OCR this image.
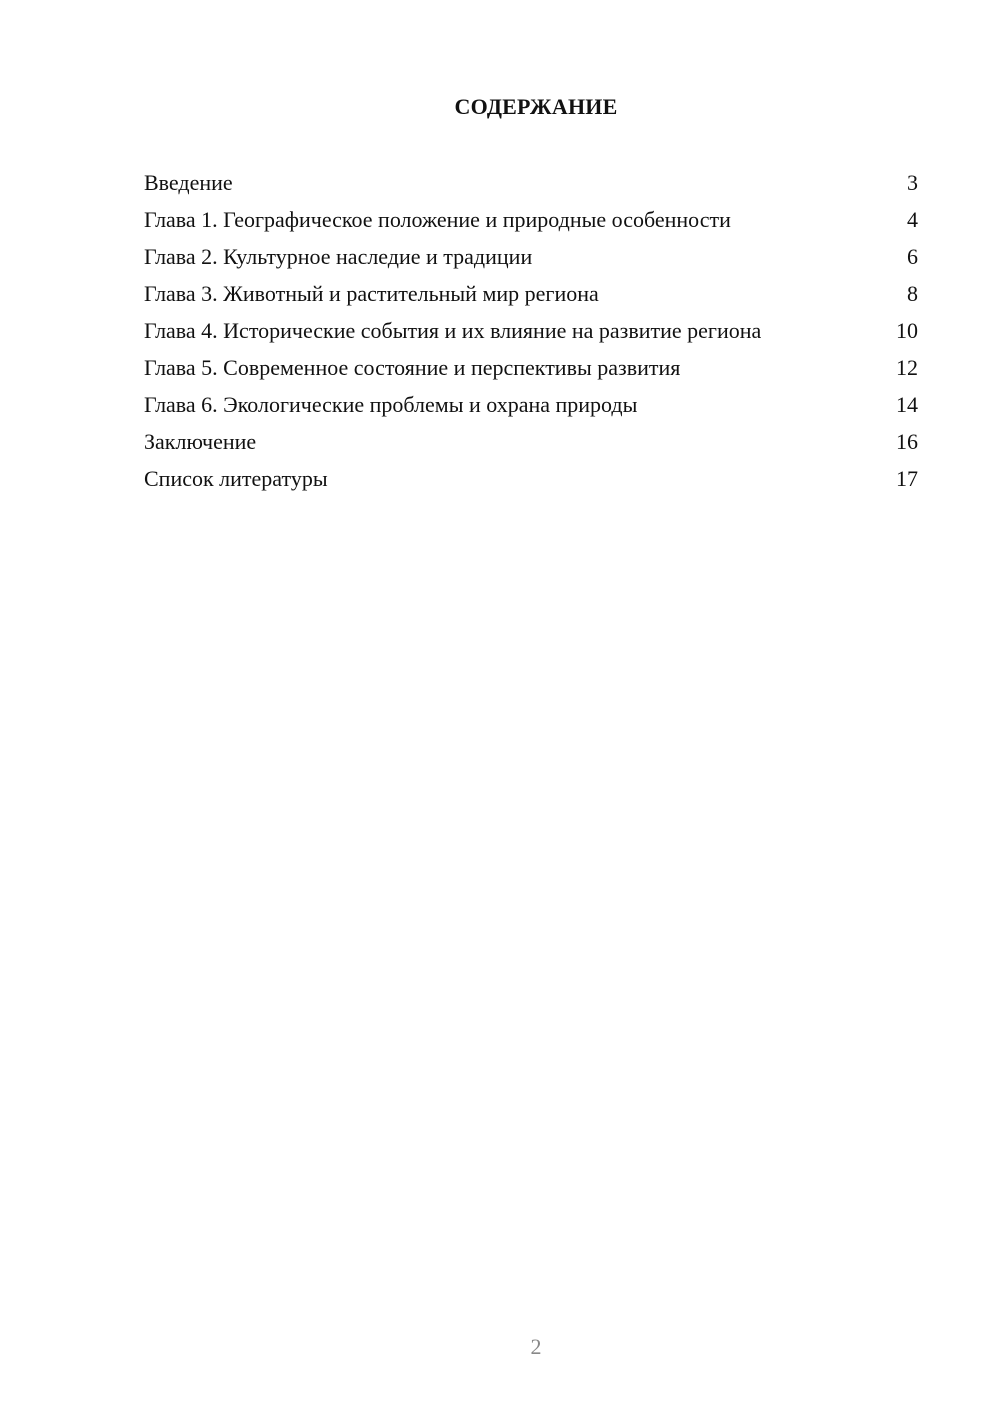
СОДЕРЖАНИЕ
Введение	3
Глава 1. Географическое положение и природные особенности	4
Глава 2. Культурное наследие и традиции	6
Глава 3. Животный и растительный мир региона	8
Глава 4. Исторические события и их влияние на развитие региона	10
Глава 5. Современное состояние и перспективы развития	12
Глава 6. Экологические проблемы и охрана природы	14
Заключение	16
Список литературы	17
2
